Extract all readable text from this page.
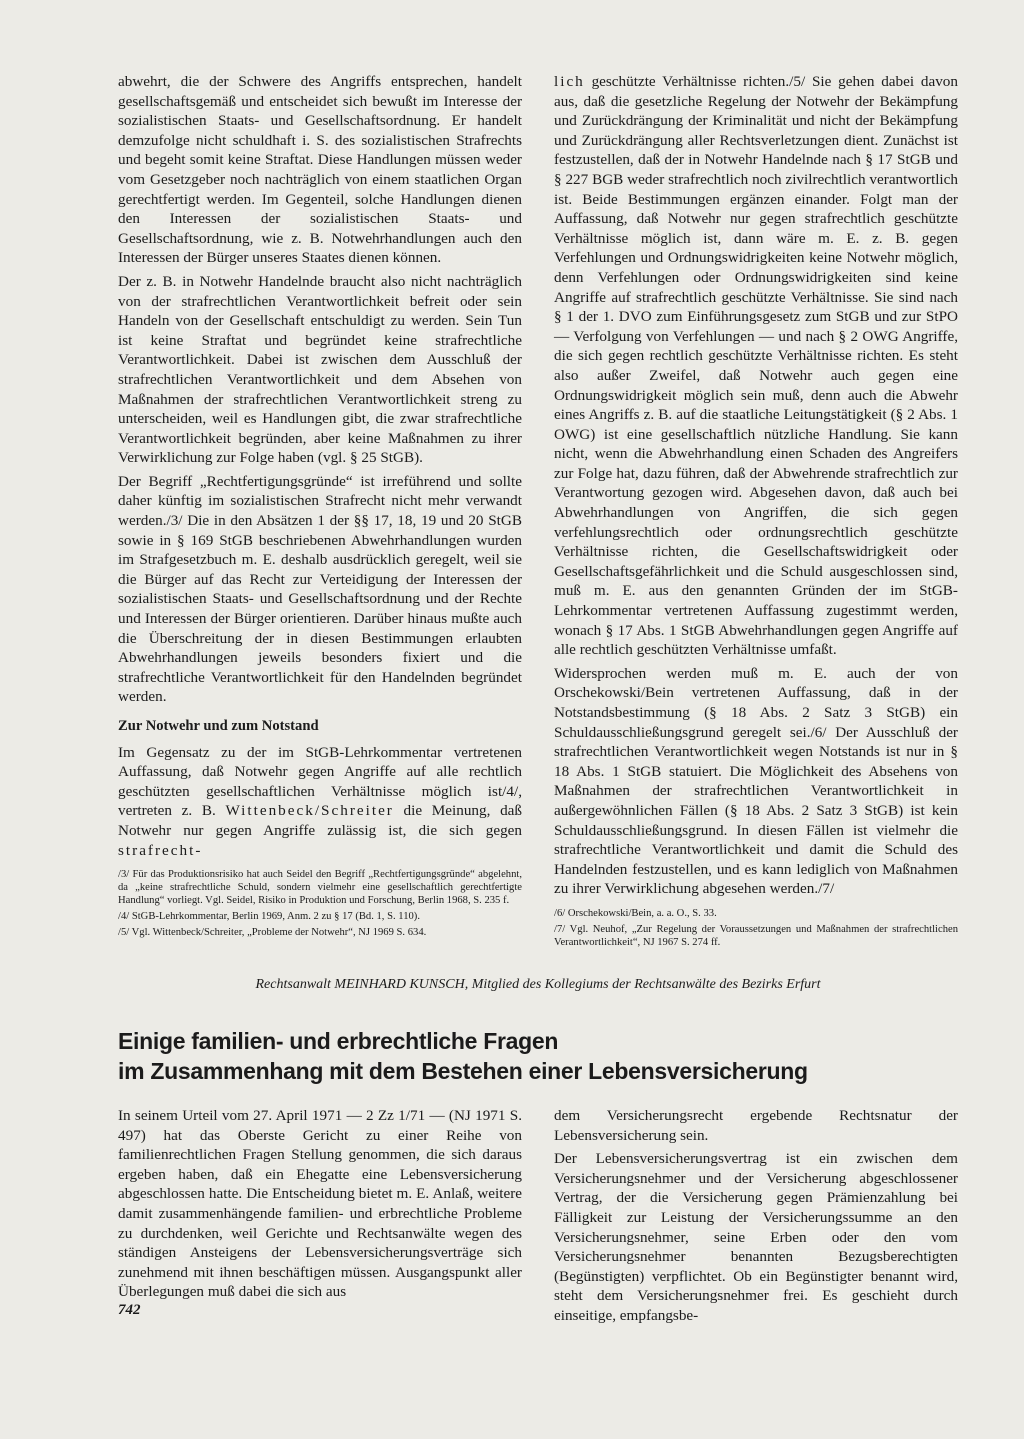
abwehrt, die der Schwere des Angriffs entsprechen, handelt gesellschaftsgemäß und entscheidet sich bewußt im Interesse der sozialistischen Staats- und Gesellschaftsordnung. Er handelt demzufolge nicht schuldhaft i. S. des sozialistischen Strafrechts und begeht somit keine Straftat. Diese Handlungen müssen weder vom Gesetzgeber noch nachträglich von einem staatlichen Organ gerechtfertigt werden. Im Gegenteil, solche Handlungen dienen den Interessen der sozialistischen Staats- und Gesellschaftsordnung, wie z. B. Notwehrhandlungen auch den Interessen der Bürger unseres Staates dienen können.

Der z. B. in Notwehr Handelnde braucht also nicht nachträglich von der strafrechtlichen Verantwortlichkeit befreit oder sein Handeln von der Gesellschaft entschuldigt zu werden. Sein Tun ist keine Straftat und begründet keine strafrechtliche Verantwortlichkeit. Dabei ist zwischen dem Ausschluß der strafrechtlichen Verantwortlichkeit und dem Absehen von Maßnahmen der strafrechtlichen Verantwortlichkeit streng zu unterscheiden, weil es Handlungen gibt, die zwar strafrechtliche Verantwortlichkeit begründen, aber keine Maßnahmen zu ihrer Verwirklichung zur Folge haben (vgl. § 25 StGB).

Der Begriff „Rechtfertigungsgründe“ ist irreführend und sollte daher künftig im sozialistischen Strafrecht nicht mehr verwandt werden./3/ Die in den Absätzen 1 der §§ 17, 18, 19 und 20 StGB sowie in § 169 StGB beschriebenen Abwehrhandlungen wurden im Strafgesetzbuch m. E. deshalb ausdrücklich geregelt, weil sie die Bürger auf das Recht zur Verteidigung der Interessen der sozialistischen Staats- und Gesellschaftsordnung und der Rechte und Interessen der Bürger orientieren. Darüber hinaus mußte auch die Überschreitung der in diesen Bestimmungen erlaubten Abwehrhandlungen jeweils besonders fixiert und die strafrechtliche Verantwortlichkeit für den Handelnden begründet werden.

Zur Notwehr und zum Notstand

Im Gegensatz zu der im StGB-Lehrkommentar vertretenen Auffassung, daß Notwehr gegen Angriffe auf alle rechtlich geschützten gesellschaftlichen Verhältnisse möglich ist/4/, vertreten z. B. Wittenbeck/Schreiter die Meinung, daß Notwehr nur gegen Angriffe zulässig ist, die sich gegen strafrecht-

/3/ Für das Produktionsrisiko hat auch Seidel den Begriff „Rechtfertigungsgründe“ abgelehnt, da „keine strafrechtliche Schuld, sondern vielmehr eine gesellschaftlich gerechtfertigte Handlung“ vorliegt. Vgl. Seidel, Risiko in Produktion und Forschung, Berlin 1968, S. 235 f.

/4/ StGB-Lehrkommentar, Berlin 1969, Anm. 2 zu § 17 (Bd. 1, S. 110).

/5/ Vgl. Wittenbeck/Schreiter, „Probleme der Notwehr“, NJ 1969 S. 634.

lich geschützte Verhältnisse richten./5/ Sie gehen dabei davon aus, daß die gesetzliche Regelung der Notwehr der Bekämpfung und Zurückdrängung der Kriminalität und nicht der Bekämpfung und Zurückdrängung aller Rechtsverletzungen dient. Zunächst ist festzustellen, daß der in Notwehr Handelnde nach § 17 StGB und § 227 BGB weder strafrechtlich noch zivilrechtlich verantwortlich ist. Beide Bestimmungen ergänzen einander. Folgt man der Auffassung, daß Notwehr nur gegen strafrechtlich geschützte Verhältnisse möglich ist, dann wäre m. E. z. B. gegen Verfehlungen und Ordnungswidrigkeiten keine Notwehr möglich, denn Verfehlungen oder Ordnungswidrigkeiten sind keine Angriffe auf strafrechtlich geschützte Verhältnisse. Sie sind nach § 1 der 1. DVO zum Einführungsgesetz zum StGB und zur StPO — Verfolgung von Verfehlungen — und nach § 2 OWG Angriffe, die sich gegen rechtlich geschützte Verhältnisse richten. Es steht also außer Zweifel, daß Notwehr auch gegen eine Ordnungswidrigkeit möglich sein muß, denn auch die Abwehr eines Angriffs z. B. auf die staatliche Leitungstätigkeit (§ 2 Abs. 1 OWG) ist eine gesellschaftlich nützliche Handlung. Sie kann nicht, wenn die Abwehrhandlung einen Schaden des Angreifers zur Folge hat, dazu führen, daß der Abwehrende strafrechtlich zur Verantwortung gezogen wird. Abgesehen davon, daß auch bei Abwehrhandlungen von Angriffen, die sich gegen verfehlungsrechtlich oder ordnungsrechtlich geschützte Verhältnisse richten, die Gesellschaftswidrigkeit oder Gesellschaftsgefährlichkeit und die Schuld ausgeschlossen sind, muß m. E. aus den genannten Gründen der im StGB-Lehrkommentar vertretenen Auffassung zugestimmt werden, wonach § 17 Abs. 1 StGB Abwehrhandlungen gegen Angriffe auf alle rechtlich geschützten Verhältnisse umfaßt.

Widersprochen werden muß m. E. auch der von Orschekowski/Bein vertretenen Auffassung, daß in der Notstandsbestimmung (§ 18 Abs. 2 Satz 3 StGB) ein Schuldausschließungsgrund geregelt sei./6/ Der Ausschluß der strafrechtlichen Verantwortlichkeit wegen Notstands ist nur in § 18 Abs. 1 StGB statuiert. Die Möglichkeit des Absehens von Maßnahmen der strafrechtlichen Verantwortlichkeit in außergewöhnlichen Fällen (§ 18 Abs. 2 Satz 3 StGB) ist kein Schuldausschließungsgrund. In diesen Fällen ist vielmehr die strafrechtliche Verantwortlichkeit und damit die Schuld des Handelnden festzustellen, und es kann lediglich von Maßnahmen zu ihrer Verwirklichung abgesehen werden./7/

/6/ Orschekowski/Bein, a. a. O., S. 33.

/7/ Vgl. Neuhof, „Zur Regelung der Voraussetzungen und Maßnahmen der strafrechtlichen Verantwortlichkeit“, NJ 1967 S. 274 ff.

Rechtsanwalt MEINHARD KUNSCH, Mitglied des Kollegiums der Rechtsanwälte des Bezirks Erfurt
Einige familien- und erbrechtliche Fragen
im Zusammenhang mit dem Bestehen einer Lebensversicherung

In seinem Urteil vom 27. April 1971 — 2 Zz 1/71 — (NJ 1971 S. 497) hat das Oberste Gericht zu einer Reihe von familienrechtlichen Fragen Stellung genommen, die sich daraus ergeben haben, daß ein Ehegatte eine Lebensversicherung abgeschlossen hatte. Die Entscheidung bietet m. E. Anlaß, weitere damit zusammenhängende familien- und erbrechtliche Probleme zu durchdenken, weil Gerichte und Rechtsanwälte wegen des ständigen Ansteigens der Lebensversicherungsverträge sich zunehmend mit ihnen beschäftigen müssen. Ausgangspunkt aller Überlegungen muß dabei die sich aus

dem Versicherungsrecht ergebende Rechtsnatur der Lebensversicherung sein.

Der Lebensversicherungsvertrag ist ein zwischen dem Versicherungsnehmer und der Versicherung abgeschlossener Vertrag, der die Versicherung gegen Prämienzahlung bei Fälligkeit zur Leistung der Versicherungssumme an den Versicherungsnehmer, seine Erben oder den vom Versicherungsnehmer benannten Bezugsberechtigten (Begünstigten) verpflichtet. Ob ein Begünstigter benannt wird, steht dem Versicherungsnehmer frei. Es geschieht durch einseitige, empfangsbe-

742
